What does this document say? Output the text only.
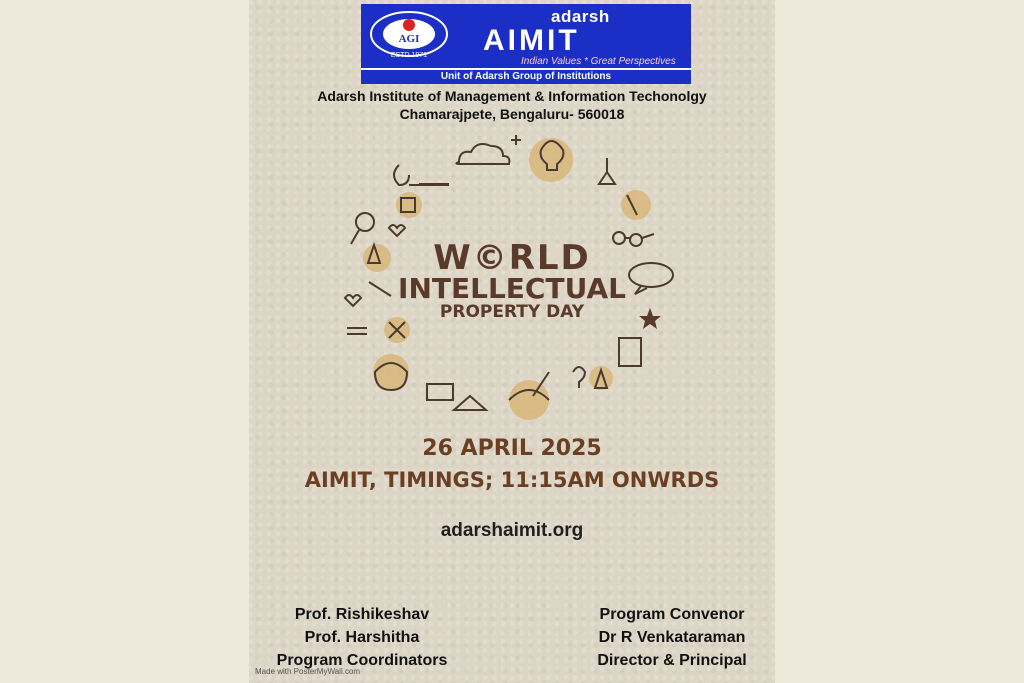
AGI
ESTD 1971
adarsh
AIMIT
Indian Values * Great Perspectives
Unit of Adarsh Group of Institutions
Adarsh Institute of Management & Information Techonolgy
Chamarajpete, Bengaluru- 560018
W©RLD
INTELLECTUAL
PROPERTY DAY
26 APRIL 2025
AIMIT, TIMINGS; 11:15AM ONWRDS
adarshaimit.org
Prof. Rishikeshav
Prof. Harshitha
Program Coordinators
Program Convenor
Dr R Venkataraman
Director & Principal
Made with PosterMyWall.com
